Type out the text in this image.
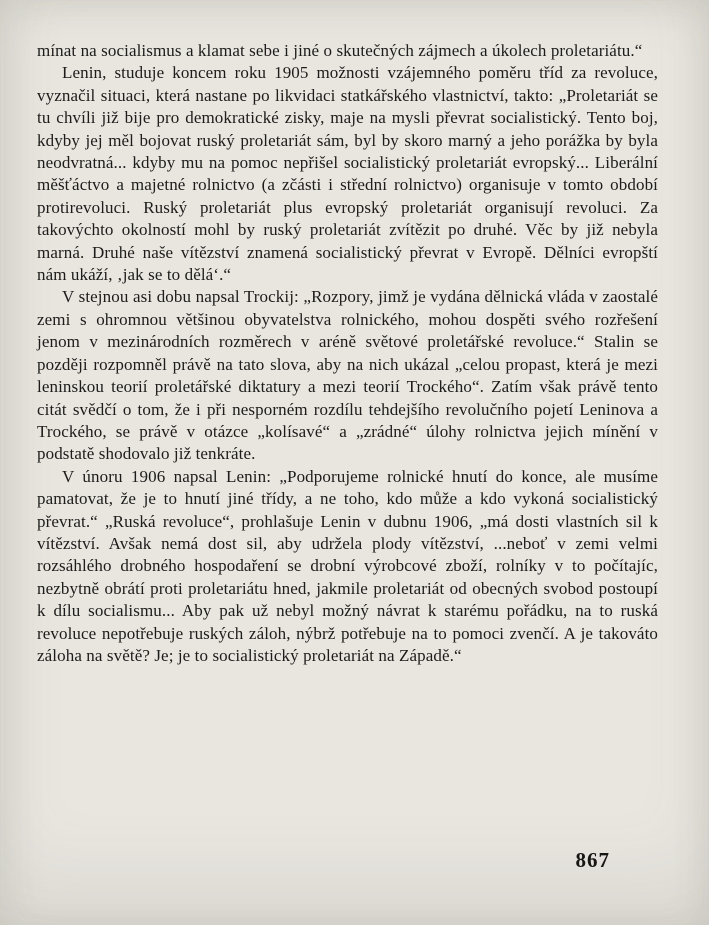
mínat na socialismus a klamat sebe i jiné o skutečných zájmech a úkolech proletariátu.“

Lenin, studuje koncem roku 1905 možnosti vzájemného poměru tříd za revoluce, vyznačil situaci, která nastane po likvidaci statkářského vlastnictví, takto: „Proletariát se tu chvíli již bije pro demokratické zisky, maje na mysli převrat socialistický. Tento boj, kdyby jej měl bojovat ruský proletariát sám, byl by skoro marný a jeho porážka by byla neodvratná... kdyby mu na pomoc nepřišel socialistický proletariát evropský... Liberální měšťáctvo a majetné rolnictvo (a zčásti i střední rolnictvo) organisuje v tomto období protirevoluci. Ruský proletariát plus evropský proletariát organisují revoluci. Za takovýchto okolností mohl by ruský proletariát zvítězit po druhé. Věc by již nebyla marná. Druhé naše vítězství znamená socialistický převrat v Evropě. Dělníci evropští nám ukáží, ‚jak se to dělá‘.“

V stejnou asi dobu napsal Trockij: „Rozpory, jimž je vydána dělnická vláda v zaostalé zemi s ohromnou většinou obyvatelstva rolnického, mohou dospěti svého rozřešení jenom v mezinárodních rozměrech v aréně světové proletářské revoluce.“ Stalin se později rozpomněl právě na tato slova, aby na nich ukázal „celou propast, která je mezi leninskou teorií proletářské diktatury a mezi teorií Trockého“. Zatím však právě tento citát svědčí o tom, že i při nesporném rozdílu tehdejšího revolučního pojetí Leninova a Trockého, se právě v otázce „kolísavé“ a „zrádné“ úlohy rolnictva jejich mínění v podstatě shodovalo již tenkráte.

V únoru 1906 napsal Lenin: „Podporujeme rolnické hnutí do konce, ale musíme pamatovat, že je to hnutí jiné třídy, a ne toho, kdo může a kdo vykoná socialistický převrat.“ „Ruská revoluce“, prohlašuje Lenin v dubnu 1906, „má dosti vlastních sil k vítězství. Avšak nemá dost sil, aby udržela plody vítězství, ...neboť v zemi velmi rozsáhlého drobného hospodaření se drobní výrobcové zboží, rolníky v to počítajíc, nezbytně obrátí proti proletariátu hned, jakmile proletariát od obecných svobod postoupí k dílu socialismu... Aby pak už nebyl možný návrat k starému pořádku, na to ruská revoluce nepotřebuje ruských záloh, nýbrž potřebuje na to pomoci zvenčí. A je takováto záloha na světě? Je; je to socialistický proletariát na Západě.“

867
